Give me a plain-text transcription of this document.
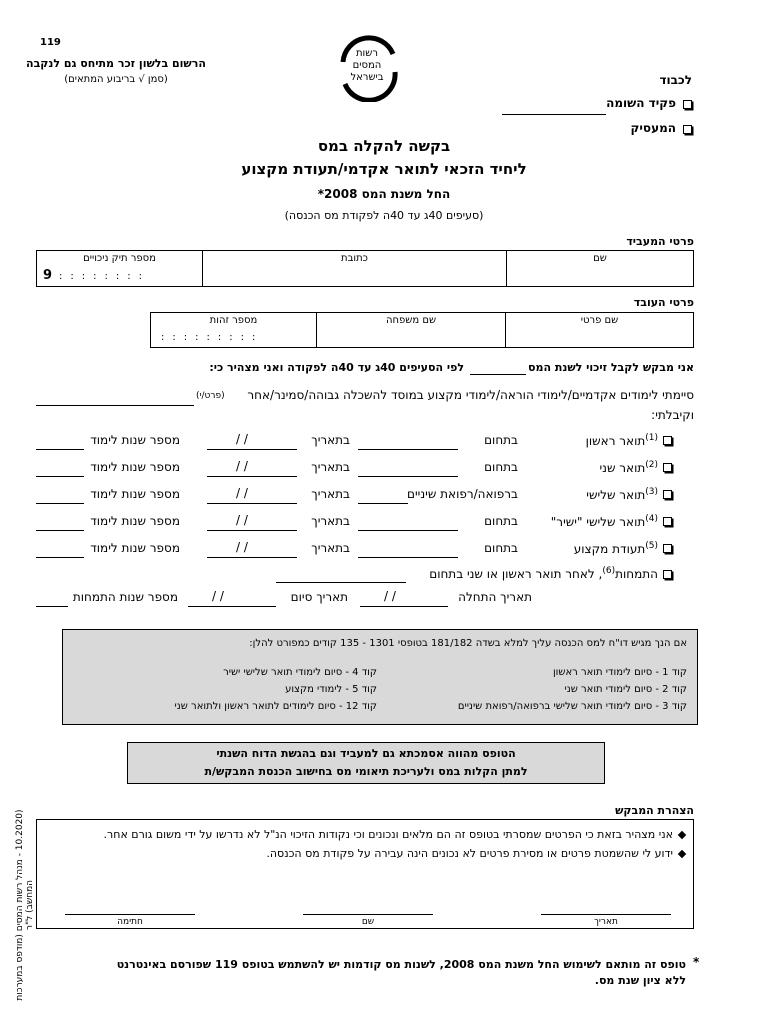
119
הרשום בלשון זכר מתיחס גם לנקבה
(סמן √ בריבוע המתאים)
רשות
המסים
בישראל	לכבוד
פקיד השומה
המעסיק
בקשה להקלה במס
ליחיד הזכאי לתואר אקדמי/תעודת מקצוע
החל משנת המס 2008*
(סעיפים 40ג עד 40ה לפקודת מס הכנסה)
פרטי המעביד
מספר תיק ניכויים
9 ::::::::
כתובת	שם
פרטי העובד
מספר זהות
:::::::::
שם משפחה	שם פרטי
אני מבקש לקבל זיכוי לשנת המס
לפי הסעיפים 40ג עד 40ה לפקודה ואני מצהיר כי:
סיימתי לימודים אקדמיים/לימודי הוראה/לימודי מקצוע במוסד להשכלה גבוהה/סמינר/אחר
(פרט/י)
וקיבלתי:
$^{(1)}$תואר ראשון
בתחום
בתאריך
/ /
מספר שנות לימוד
$^{(2)}$תואר שני
בתחום
בתאריך
/ /
מספר שנות לימוד
$^{(3)}$תואר שלישי
ברפואה/רפואת שיניים
בתאריך
/ /
מספר שנות לימוד
$^{(4)}$תואר שלישי "ישיר"
בתחום
בתאריך
/ /
מספר שנות לימוד
$^{(5)}$תעודת מקצוע
בתחום
בתאריך
/ /
מספר שנות לימוד
התמחות$^{(6)}$, לאחר תואר ראשון או שני בתחום
תאריך התחלה
/ /
תאריך סיום
/ /
מספר שנות התמחות
אם הנך מגיש דו"ח למס הכנסה עליך למלא בשדה 181/182 בטופסי 1301 - 135 קודים כמפורט להלן:
קוד 1 - סיום לימודי תואר ראשון
קוד 2 - סיום לימודי תואר שני
קוד 3 - סיום לימודי תואר שלישי ברפואה/רפואת שיניים
קוד 4 - סיום לימודי תואר שלישי ישיר
קוד 5 - לימודי מקצוע
קוד 12 - סיום לימודים לתואר ראשון ולתואר שני
הטופס מהווה אסמכתא גם למעביד וגם בהגשת הדוח השנתי
למתן הקלות במס ולעריכת תיאומי מס בחישוב הכנסת המבקש/ת
הצהרת המבקש
אני מצהיר בזאת כי הפרטים שמסרתי בטופס זה הם מלאים ונכונים וכי נקודות הזיכוי הנ"ל לא נדרשו על ידי משום גורם אחר.
ידוע לי שהשמטת פרטים או מסירת פרטים לא נכונים הינה עבירה על פקודת מס הכנסה.
תאריך
שם
חתימה
*
טופס זה מותאם לשימוש החל משנת המס 2008, לשנות מס קודמות יש להשתמש בטופס 119 שפורסם באינטרנט
ללא ציון שנת מס.
(10.2020 - מנהל רשות המסים (מודפס במערכות המחשב) ל"ר
